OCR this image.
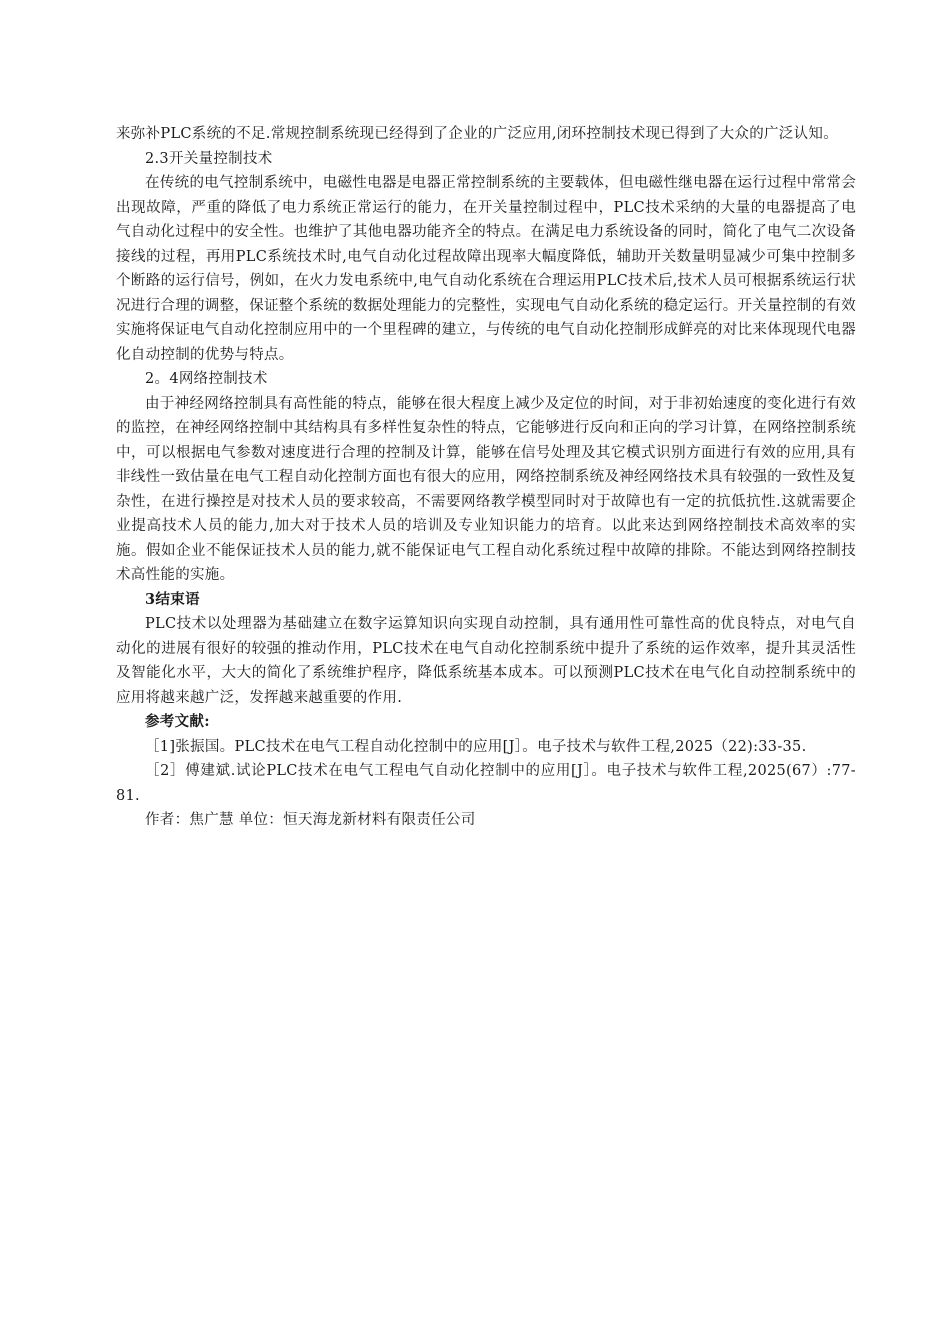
来弥补PLC系统的不足.常规控制系统现已经得到了企业的广泛应用,闭环控制技术现已得到了大众的广泛认知。

2.3开关量控制技术

在传统的电气控制系统中，电磁性电器是电器正常控制系统的主要载体，但电磁性继电器在运行过程中常常会出现故障，严重的降低了电力系统正常运行的能力，在开关量控制过程中，PLC技术采纳的大量的电器提高了电气自动化过程中的安全性。也维护了其他电器功能齐全的特点。在满足电力系统设备的同时，简化了电气二次设备接线的过程，再用PLC系统技术时,电气自动化过程故障出现率大幅度降低，辅助开关数量明显减少可集中控制多个断路的运行信号，例如，在火力发电系统中,电气自动化系统在合理运用PLC技术后,技术人员可根据系统运行状况进行合理的调整，保证整个系统的数据处理能力的完整性，实现电气自动化系统的稳定运行。开关量控制的有效实施将保证电气自动化控制应用中的一个里程碑的建立，与传统的电气自动化控制形成鲜亮的对比来体现现代电器化自动控制的优势与特点。

2。4网络控制技术

由于神经网络控制具有高性能的特点，能够在很大程度上减少及定位的时间，对于非初始速度的变化进行有效的监控，在神经网络控制中其结构具有多样性复杂性的特点，它能够进行反向和正向的学习计算，在网络控制系统中，可以根据电气参数对速度进行合理的控制及计算，能够在信号处理及其它模式识别方面进行有效的应用,具有非线性一致估量在电气工程自动化控制方面也有很大的应用，网络控制系统及神经网络技术具有较强的一致性及复杂性，在进行操控是对技术人员的要求较高，不需要网络教学模型同时对于故障也有一定的抗低抗性.这就需要企业提高技术人员的能力,加大对于技术人员的培训及专业知识能力的培育。以此来达到网络控制技术高效率的实施。假如企业不能保证技术人员的能力,就不能保证电气工程自动化系统过程中故障的排除。不能达到网络控制技术高性能的实施。

3结束语

PLC技术以处理器为基础建立在数字运算知识向实现自动控制，具有通用性可靠性高的优良特点，对电气自动化的进展有很好的较强的推动作用，PLC技术在电气自动化控制系统中提升了系统的运作效率，提升其灵活性及智能化水平，大大的简化了系统维护程序，降低系统基本成本。可以预测PLC技术在电气化自动控制系统中的应用将越来越广泛，发挥越来越重要的作用.

参考文献:

［1]张振国。PLC技术在电气工程自动化控制中的应用[J］。电子技术与软件工程,2025（22):33-35.

［2］傅建斌.试论PLC技术在电气工程电气自动化控制中的应用[J］。电子技术与软件工程,2025(67）:77-81.

作者：焦广慧 单位：恒天海龙新材料有限责任公司
